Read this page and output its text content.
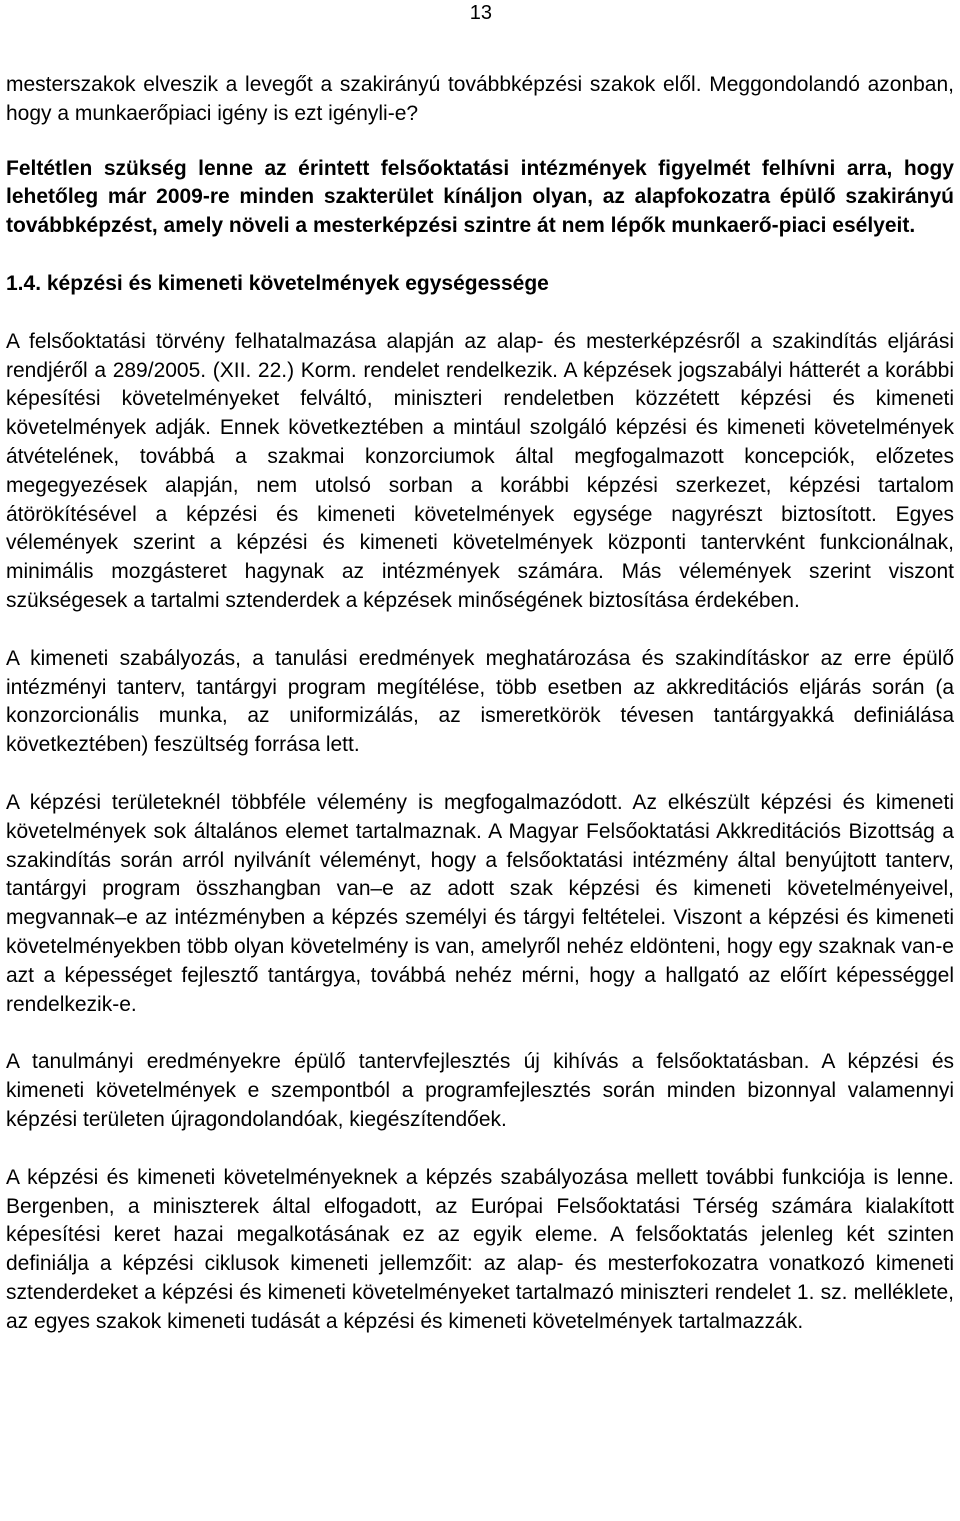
13

mesterszakok elveszik a levegőt a szakirányú továbbképzési szakok elől. Meggondolandó azonban, hogy a munkaerőpiaci igény is ezt igényli-e?

Feltétlen szükség lenne az érintett felsőoktatási intézmények figyelmét felhívni arra, hogy lehetőleg már 2009-re minden szakterület kínáljon olyan, az alapfokozatra épülő szakirányú továbbképzést, amely növeli a mesterképzési szintre át nem lépők munkaerő-piaci esélyeit.

1.4. képzési és kimeneti követelmények egységessége

A felsőoktatási törvény felhatalmazása alapján az alap- és mesterképzésről a szakindítás eljárási rendjéről a 289/2005. (XII. 22.) Korm. rendelet rendelkezik. A képzések jogszabályi hátterét a korábbi képesítési követelményeket felváltó, miniszteri rendeletben közzétett képzési és kimeneti követelmények adják. Ennek következtében a mintául szolgáló képzési és kimeneti követelmények átvételének, továbbá a szakmai konzorciumok által megfogalmazott koncepciók, előzetes megegyezések alapján, nem utolsó sorban a korábbi képzési szerkezet, képzési tartalom átörökítésével a képzési és kimeneti követelmények egysége nagyrészt biztosított. Egyes vélemények szerint a képzési és kimeneti követelmények központi tantervként funkcionálnak, minimális mozgásteret hagynak az intézmények számára. Más vélemények szerint viszont szükségesek a tartalmi sztenderdek a képzések minőségének biztosítása érdekében.

A kimeneti szabályozás, a tanulási eredmények meghatározása és szakindításkor az erre épülő intézményi tanterv, tantárgyi program megítélése, több esetben az akkreditációs eljárás során (a konzorcionális munka, az uniformizálás, az ismeretkörök tévesen tantárgyakká definiálása következtében) feszültség forrása lett.

A képzési területeknél többféle vélemény is megfogalmazódott. Az elkészült képzési és kimeneti követelmények sok általános elemet tartalmaznak. A Magyar Felsőoktatási Akkreditációs Bizottság a szakindítás során arról nyilvánít véleményt, hogy a felsőoktatási intézmény által benyújtott tanterv, tantárgyi program összhangban van–e az adott szak képzési és kimeneti követelményeivel, megvannak–e az intézményben a képzés személyi és tárgyi feltételei. Viszont a képzési és kimeneti követelményekben több olyan követelmény is van, amelyről nehéz eldönteni, hogy egy szaknak van-e azt a képességet fejlesztő tantárgya, továbbá nehéz mérni, hogy a hallgató az előírt képességgel rendelkezik-e.

A tanulmányi eredményekre épülő tantervfejlesztés új kihívás a felsőoktatásban. A képzési és kimeneti követelmények e szempontból a programfejlesztés során minden bizonnyal valamennyi képzési területen újragondolandóak, kiegészítendőek.

A képzési és kimeneti követelményeknek a képzés szabályozása mellett további funkciója is lenne. Bergenben, a miniszterek által elfogadott, az Európai Felsőoktatási Térség számára kialakított képesítési keret hazai megalkotásának ez az egyik eleme. A felsőoktatás jelenleg két szinten definiálja a képzési ciklusok kimeneti jellemzőit: az alap- és mesterfokozatra vonatkozó kimeneti sztenderdeket a képzési és kimeneti követelményeket tartalmazó miniszteri rendelet 1. sz. melléklete, az egyes szakok kimeneti tudását a képzési és kimeneti követelmények tartalmazzák.
